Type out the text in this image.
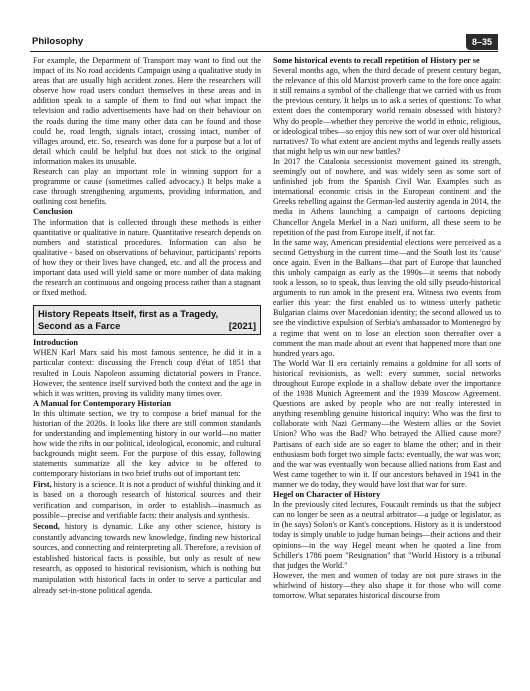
Philosophy	8–35

For example, the Department of Transport may want to find out the impact of its No road accidents Campaign using a qualitative study in areas that are usually high accident zones. Here the researchers will observe how road users conduct themselves in these areas and in addition speak to a sample of them to find out what impact the television and radio advertisements have had on their behaviour on the roads during the time many other data can be found and those could be, road length, signals intact, crossing intact, number of villages around, etc. So, research was done for a purpose but a lot of detail which could be helpful but does not stick to the original information makes its unusable.

Research can play an important role in winning support for a programme or cause (sometimes called advocacy.) It helps make a case through strengthening arguments, providing information, and outlining cost benefits.

Conclusion

The information that is collected through these methods is either quantitative or qualitative in nature. Quantitative research depends on numbers and statistical procedures. Information can also be qualitative - based on observations of behaviour, participants' reports of how they or their lives have changed, etc. and all the process and important data used will yield same or more number of data making the research an continuous and ongoing process rather than a stagnant or fixed method.

History Repeats Itself, first as a Tragedy,
Second as a Farce	[2021]

Introduction

WHEN Karl Marx said his most famous sentence, he did it in a particular context: discussing the French coup d'état of 1851 that resulted in Louis Napoleon assuming dictatorial powers in France. However, the sentence itself survived both the context and the age in which it was written, proving its validity many times over.

A Manual for Contemporary Historian

In this ultimate section, we try to compose a brief manual for the historian of the 2020s. It looks like there are still common standards for understanding and implementing history in our world—no matter how wide the rifts in our political, ideological, economic, and cultural backgrounds might seem. For the purpose of this essay, following statements summarize all the key advice to be offered to contemporary historians in two brief truths out of important ten:

First, history is a science. It is not a product of wishful thinking and it is based on a thorough research of historical sources and their verification and comparison, in order to establish—inasmuch as possible—precise and verifiable facts: their analysis and synthesis.

Second, history is dynamic. Like any other science, history is constantly advancing towards new knowledge, finding new historical sources, and connecting and reinterpreting all. Therefore, a revision of established historical facts is possible, but only as result of new research, as opposed to historical revisionism, which is nothing but manipulation with historical facts in order to serve a particular and already set-in-stone political agenda.

Some historical events to recall repetition of History per se

Several months ago, when the third decade of present century began, the relevance of this old Marxist proverb came to the fore once again: it still remains a symbol of the challenge that we carried with us from the previous century. It helps us to ask a series of questions: To what extent does the contemporary world remain obsessed with history? Why do people—whether they perceive the world in ethnic, religious, or ideological tribes—so enjoy this new sort of war over old historical narratives? To what extent are ancient myths and legends really assets that might help us win our new battles?

In 2017 the Catalonia secessionist movement gained its strength, seemingly out of nowhere, and was widely seen as some sort of unfinished job from the Spanish Civil War. Examples such as international economic crisis in the European continent and the Greeks rebelling against the German-led austerity agenda in 2014, the media in Athens launching a campaign of cartoons depicting Chancellor Angela Merkel in a Nazi uniform, all these seem to be repetition of the past from Europe itself, if not far.

In the same way, American presidential elections were perceived as a second Gettysburg in the current time—and the South lost its 'cause' once again. Even in the Balkans—that part of Europe that launched this unholy campaign as early as the 1990s—it seems that nobody took a lesson, so to speak, thus leaving the old silly pseudo-historical arguments to run amok in the present era. Witness two events from earlier this year: the first enabled us to witness utterly pathetic Bulgarian claims over Macedonian identity; the second allowed us to see the vindictive expulsion of Serbia's ambassador to Montenegro by a regime that went on to lose an election soon thereafter over a comment the man made about an event that happened more than one hundred years ago.

The World War II era certainly remains a goldmine for all sorts of historical revisionists, as well: every summer, social networks throughout Europe explode in a shallow debate over the importance of the 1938 Munich Agreement and the 1939 Moscow Agreement. Questions are asked by people who are not really interested in anything resembling genuine historical inquiry: Who was the first to collaborate with Nazi Germany—the Western allies or the Soviet Union? Who was the Bad? Who betrayed the Allied cause more? Partisans of each side are so eager to blame the other; and in their enthusiasm both forget two simple facts: eventually, the war was won; and the war was eventually won because allied nations from East and West came together to win it. If our ancestors behaved in 1941 in the manner we do today, they would have lost that war for sure.

Hegel on Character of History

In the previously cited lectures, Foucault reminds us that the subject can no longer be seen as a neutral arbitrator—a judge or legislator, as in (he says) Solon's or Kant's conceptions. History as it is understood today is simply unable to judge human beings—their actions and their opinions—in the way Hegel meant when he quoted a line from Schiller's 1786 poem "Resignation" that "World History is a tribunal that judges the World."

However, the men and women of today are not pure straws in the whirlwind of history—they also shape it for those who will come tomorrow. What separates historical discourse from
